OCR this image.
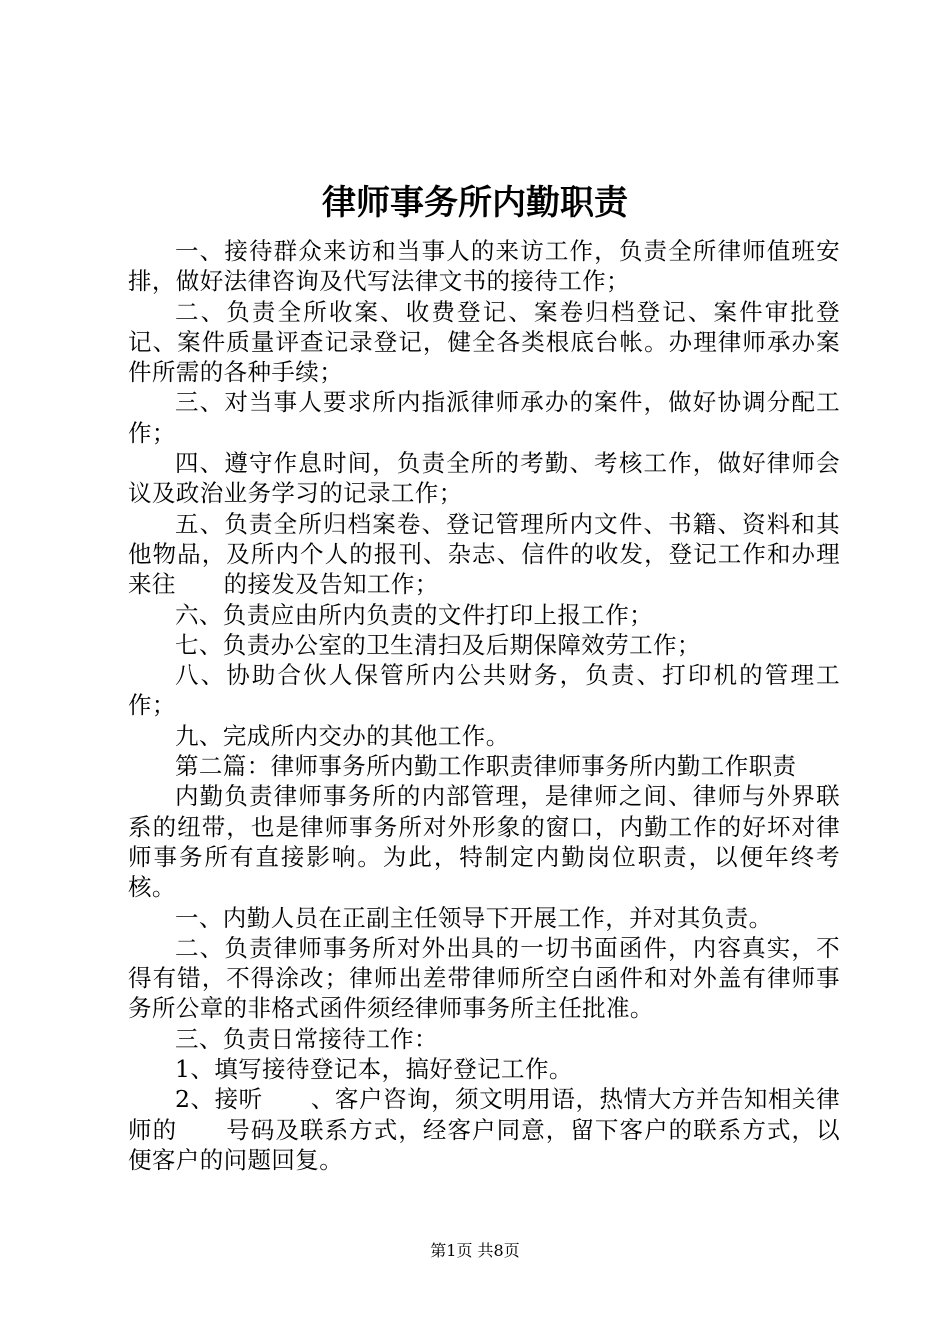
律师事务所内勤职责

一、接待群众来访和当事人的来访工作，负责全所律师值班安排，做好法律咨询及代写法律文书的接待工作；

二、负责全所收案、收费登记、案卷归档登记、案件审批登记、案件质量评查记录登记，健全各类根底台帐。办理律师承办案件所需的各种手续；

三、对当事人要求所内指派律师承办的案件，做好协调分配工作；

四、遵守作息时间，负责全所的考勤、考核工作，做好律师会议及政治业务学习的记录工作；

五、负责全所归档案卷、登记管理所内文件、书籍、资料和其他物品，及所内个人的报刊、杂志、信件的收发，登记工作和办理来往　　的接发及告知工作；

六、负责应由所内负责的文件打印上报工作；

七、负责办公室的卫生清扫及后期保障效劳工作；

八、协助合伙人保管所内公共财务，负责、打印机的管理工作；

九、完成所内交办的其他工作。

第二篇：律师事务所内勤工作职责律师事务所内勤工作职责

内勤负责律师事务所的内部管理，是律师之间、律师与外界联系的纽带，也是律师事务所对外形象的窗口，内勤工作的好坏对律师事务所有直接影响。为此，特制定内勤岗位职责，以便年终考核。

一、内勤人员在正副主任领导下开展工作，并对其负责。

二、负责律师事务所对外出具的一切书面函件，内容真实，不得有错，不得涂改；律师出差带律师所空白函件和对外盖有律师事务所公章的非格式函件须经律师事务所主任批准。

三、负责日常接待工作：

1、填写接待登记本，搞好登记工作。

2、接听　　、客户咨询，须文明用语，热情大方并告知相关律师的　　号码及联系方式，经客户同意，留下客户的联系方式，以便客户的问题回复。

第1页 共8页
